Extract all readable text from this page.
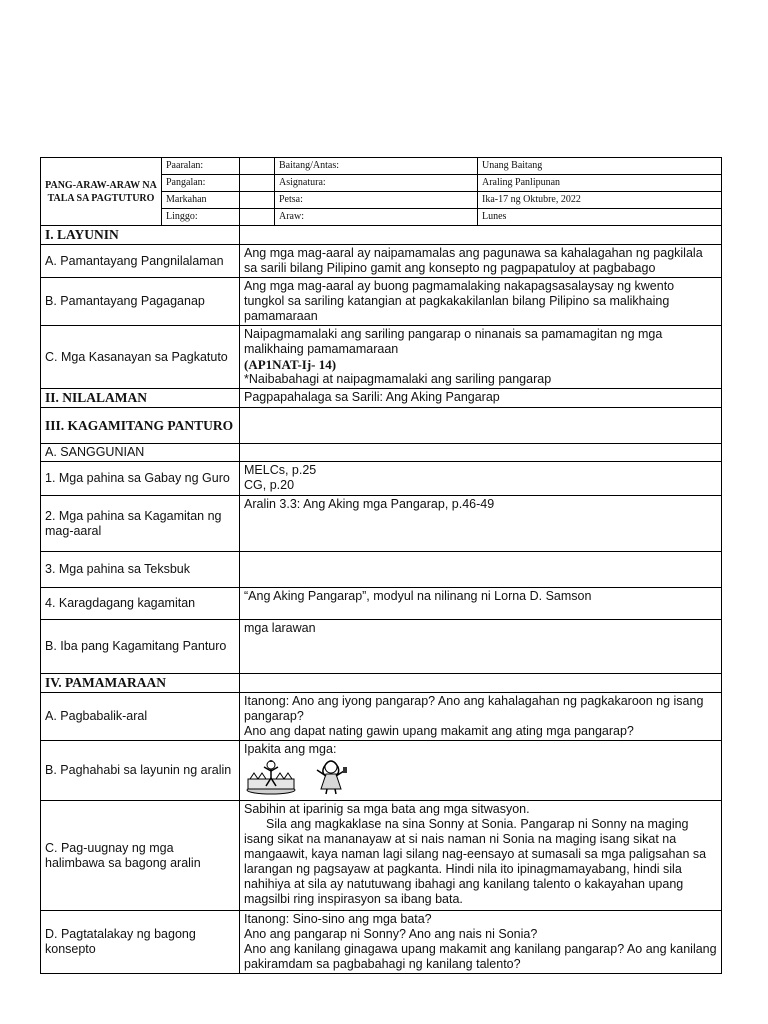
PANG-ARAW-ARAW NA TALA SA PAGTUTURO	Paaralan:		Baitang/Antas:	Unang Baitang
	Pangalan:		Asignatura:	Araling Panlipunan
	Markahan		Petsa:	Ika-17 ng Oktubre, 2022
	Linggo:		Araw:	Lunes
I. LAYUNIN	
A. Pamantayang Pangnilalaman	Ang mga mag-aaral ay naipamamalas ang pagunawa sa kahalagahan ng pagkilala sa sarili bilang Pilipino gamit ang konsepto ng pagpapatuloy at pagbabago
B. Pamantayang Pagaganap	Ang mga mag-aaral ay buong pagmamalaking nakapagsasalaysay ng kwento tungkol sa sariling katangian at pagkakakilanlan bilang Pilipino sa malikhaing pamamaraan
C. Mga Kasanayan sa Pagkatuto	Naipagmamalaki ang sariling pangarap o ninanais sa pamamagitan ng mga malikhaing pamamamaraan
(AP1NAT-Ij- 14)
*Naibabahagi at naipagmamalaki ang sariling pangarap

II. NILALAMAN	Pagpapahalaga sa Sarili: Ang Aking Pangarap
III. KAGAMITANG PANTURO	
A. SANGGUNIAN	
1. Mga pahina sa Gabay ng Guro	MELCs, p.25
CG, p.20

2. Mga pahina sa Kagamitan ng mag-aaral	Aralin 3.3: Ang Aking mga Pangarap, p.46-49
3. Mga pahina sa Teksbuk	
4. Karagdagang kagamitan	“Ang Aking Pangarap”, modyul na nilinang ni Lorna D. Samson
B. Iba pang Kagamitang Panturo	mga larawan
IV. PAMAMARAAN	
A. Pagbabalik-aral	Itanong: Ano ang iyong pangarap? Ano ang kahalagahan ng pagkakaroon ng isang pangarap?
Ano ang dapat nating gawin upang makamit ang ating mga pangarap?

B. Paghahabi sa layunin ng aralin	Ipakita ang mga:

C. Pag-uugnay ng mga halimbawa sa bagong aralin	Sabihin at iparinig sa mga bata ang mga sitwasyon.
Sila ang magkaklase na sina Sonny at Sonia. Pangarap ni Sonny na maging isang sikat na mananayaw at si nais naman ni Sonia na maging isang sikat na mangaawit, kaya naman lagi silang nag-eensayo at sumasali sa mga paligsahan sa larangan ng pagsayaw at pagkanta. Hindi nila ito ipinagmamayabang, hindi sila nahihiya at sila ay natutuwang ibahagi ang kanilang talento o kakayahan upang magsilbi ring inspirasyon sa ibang bata.

D. Pagtatalakay ng bagong konsepto	Itanong: Sino-sino ang mga bata?
Ano ang pangarap ni Sonny? Ano ang nais ni Sonia?
Ano ang kanilang ginagawa upang makamit ang kanilang pangarap? Ao ang kanilang pakiramdam sa pagbabahagi ng kanilang talento?
